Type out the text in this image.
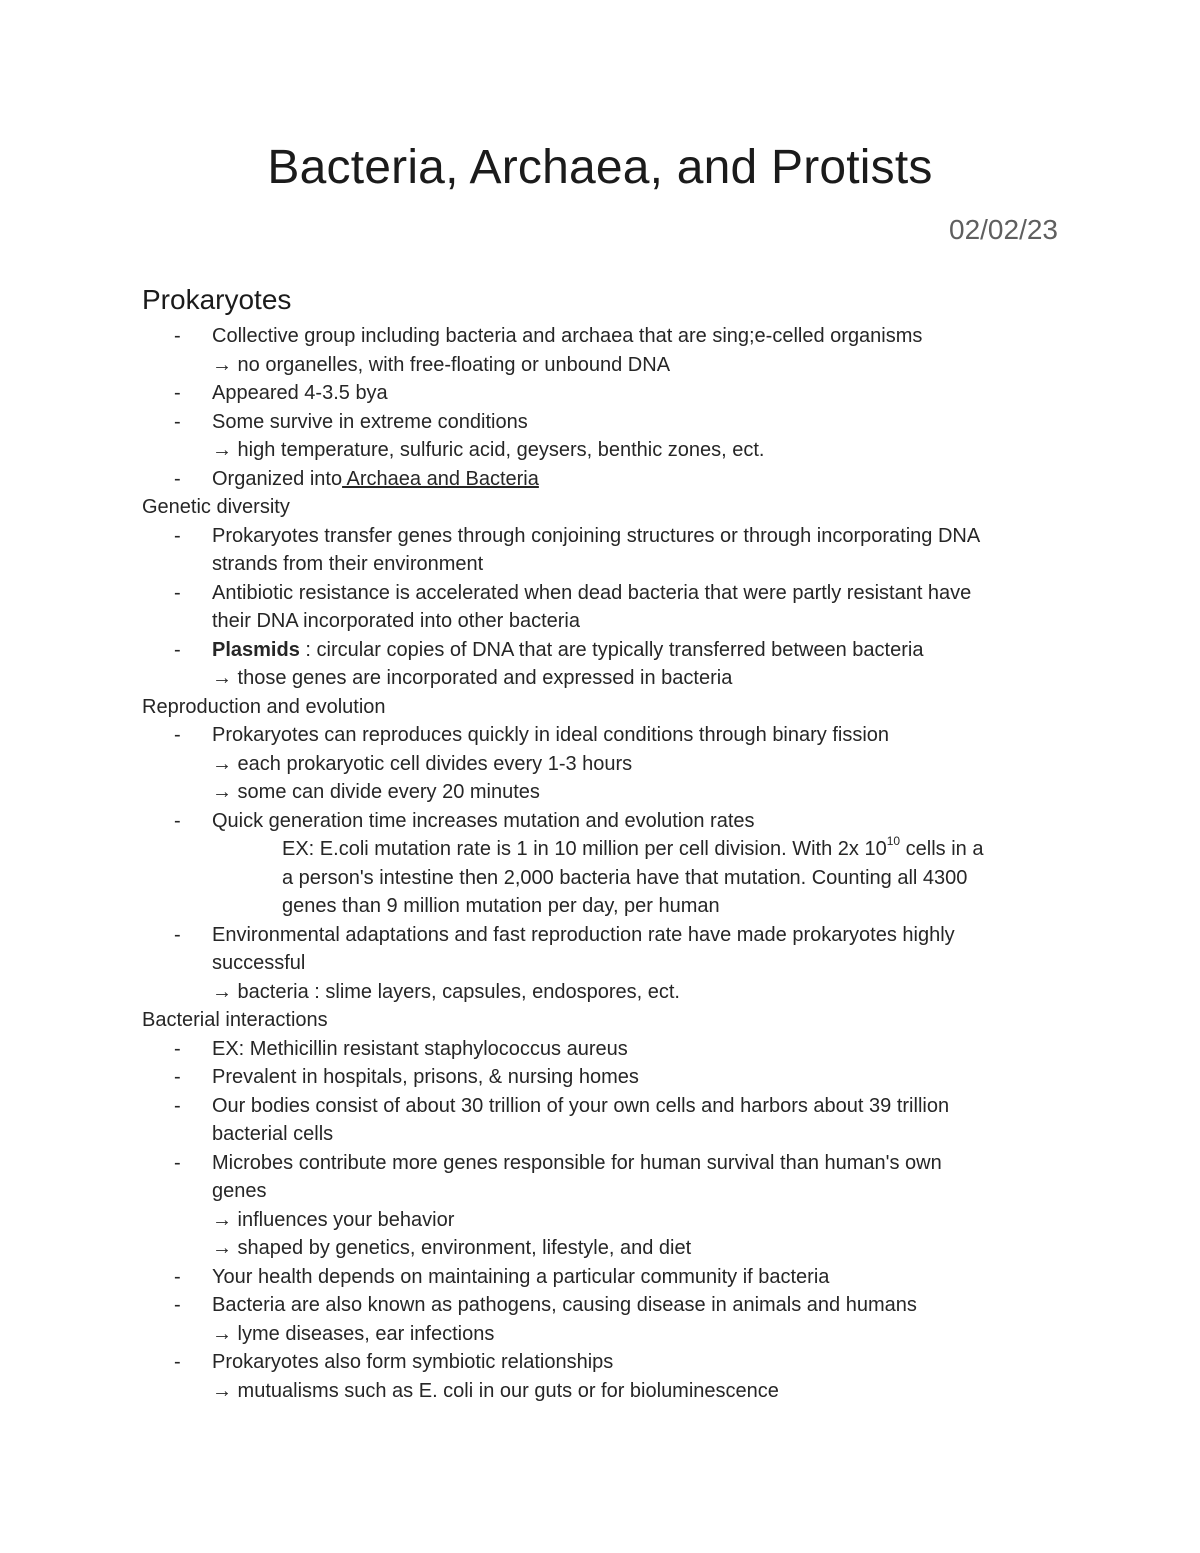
Bacteria, Archaea, and Protists
02/02/23
Prokaryotes
-	Collective group including bacteria and archaea that are sing;e-celled organisms
→ no organelles, with free-floating or unbound DNA
-	Appeared 4-3.5 bya
-	Some survive in extreme conditions
→ high temperature, sulfuric acid, geysers, benthic zones, ect.
-	Organized into Archaea and Bacteria
Genetic diversity
-	Prokaryotes transfer genes through conjoining structures or through incorporating DNA
strands from their environment
-	Antibiotic resistance is accelerated when dead bacteria that were partly resistant have
their DNA incorporated into other bacteria
-	Plasmids : circular copies of DNA that are typically transferred between bacteria
→ those genes are incorporated and expressed in bacteria
Reproduction and evolution
-	Prokaryotes can reproduces quickly in ideal conditions through binary fission
→ each prokaryotic cell divides every 1-3 hours
→ some can divide every 20 minutes
-	Quick generation time increases mutation and evolution rates
EX: E.coli mutation rate is 1 in 10 million per cell division. With 2x $10^{10}$ cells in a
a person's intestine then 2,000 bacteria have that mutation. Counting all 4300
genes than 9 million mutation per day, per human
-	Environmental adaptations and fast reproduction rate have made prokaryotes highly
successful
→ bacteria : slime layers, capsules, endospores, ect.
Bacterial interactions
-	EX: Methicillin resistant staphylococcus aureus
-	Prevalent in hospitals, prisons, & nursing homes
-	Our bodies consist of about 30 trillion of your own cells and harbors about 39 trillion
bacterial cells
-	Microbes contribute more genes responsible for human survival than human's own
genes
→ influences your behavior
→ shaped by genetics, environment, lifestyle, and diet
-	Your health depends on maintaining a particular community if bacteria
-	Bacteria are also known as pathogens, causing disease in animals and humans
→ lyme diseases, ear infections
-	Prokaryotes also form symbiotic relationships
→ mutualisms such as E. coli in our guts or for bioluminescence
